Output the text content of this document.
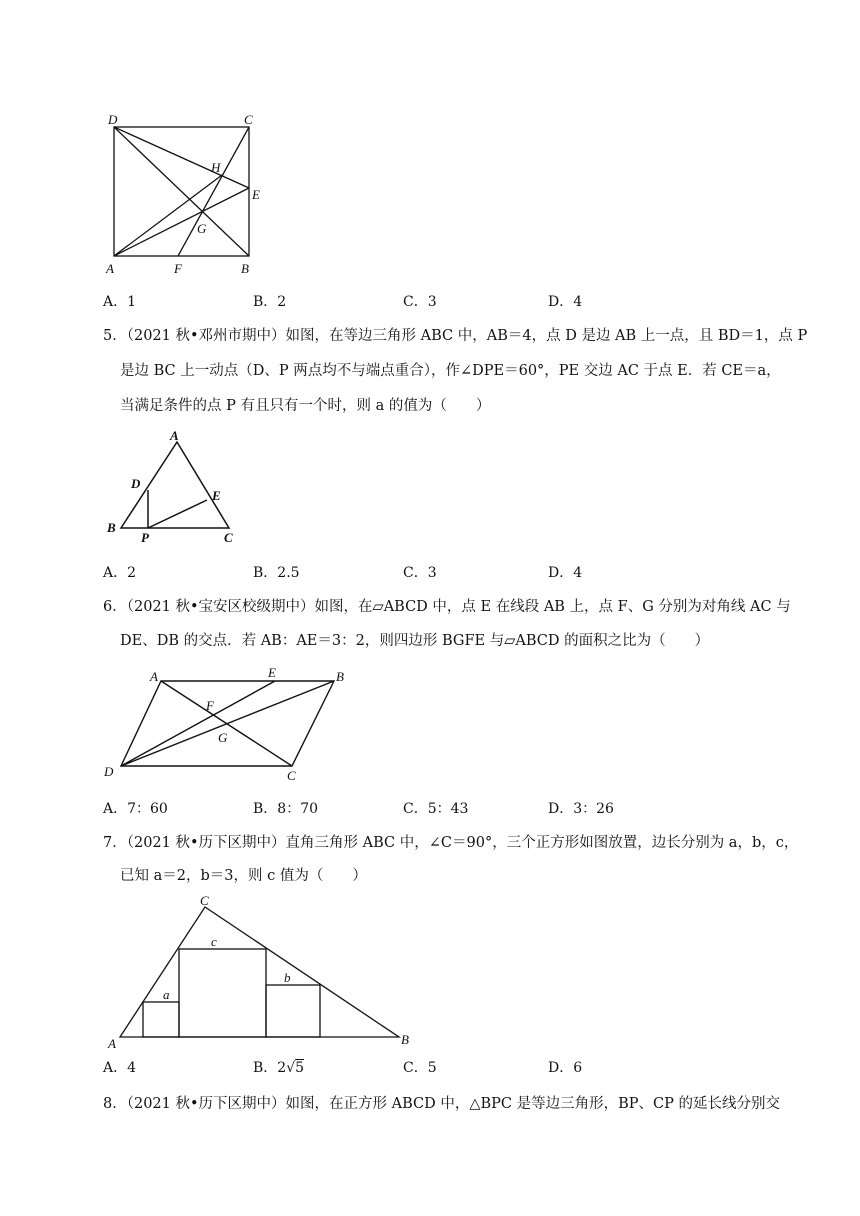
D	C
H
E
G
A	F	B
A．1	B．2	C．3	D．4
5．（2021 秋•邓州市期中）如图，在等边三角形 ABC 中，AB＝4，点 D 是边 AB 上一点，且 BD＝1，点 P
是边 BC 上一动点（D、P 两点均不与端点重合），作∠DPE＝60°，PE 交边 AC 于点 E．若 CE＝a，
当满足条件的点 P 有且只有一个时，则 a 的值为（　　）
A
D
E
B
P	C
A．2	B．2.5	C．3	D．4
6．（2021 秋•宝安区校级期中）如图，在▱ABCD 中，点 E 在线段 AB 上，点 F、G 分别为对角线 AC 与
DE、DB 的交点．若 AB：AE＝3：2，则四边形 BGFE 与▱ABCD 的面积之比为（　　）
A	E	B
F
G
D	C
A．7：60	B．8：70	C．5：43	D．3：26
7．（2021 秋•历下区期中）直角三角形 ABC 中，∠C＝90°，三个正方形如图放置，边长分别为 a，b，c，
已知 a＝2，b＝3，则 c 值为（　　）
C
c
b
a
A	B
A．4	B．2√5	C．5	D．6
8．（2021 秋•历下区期中）如图，在正方形 ABCD 中，△BPC 是等边三角形，BP、CP 的延长线分别交
